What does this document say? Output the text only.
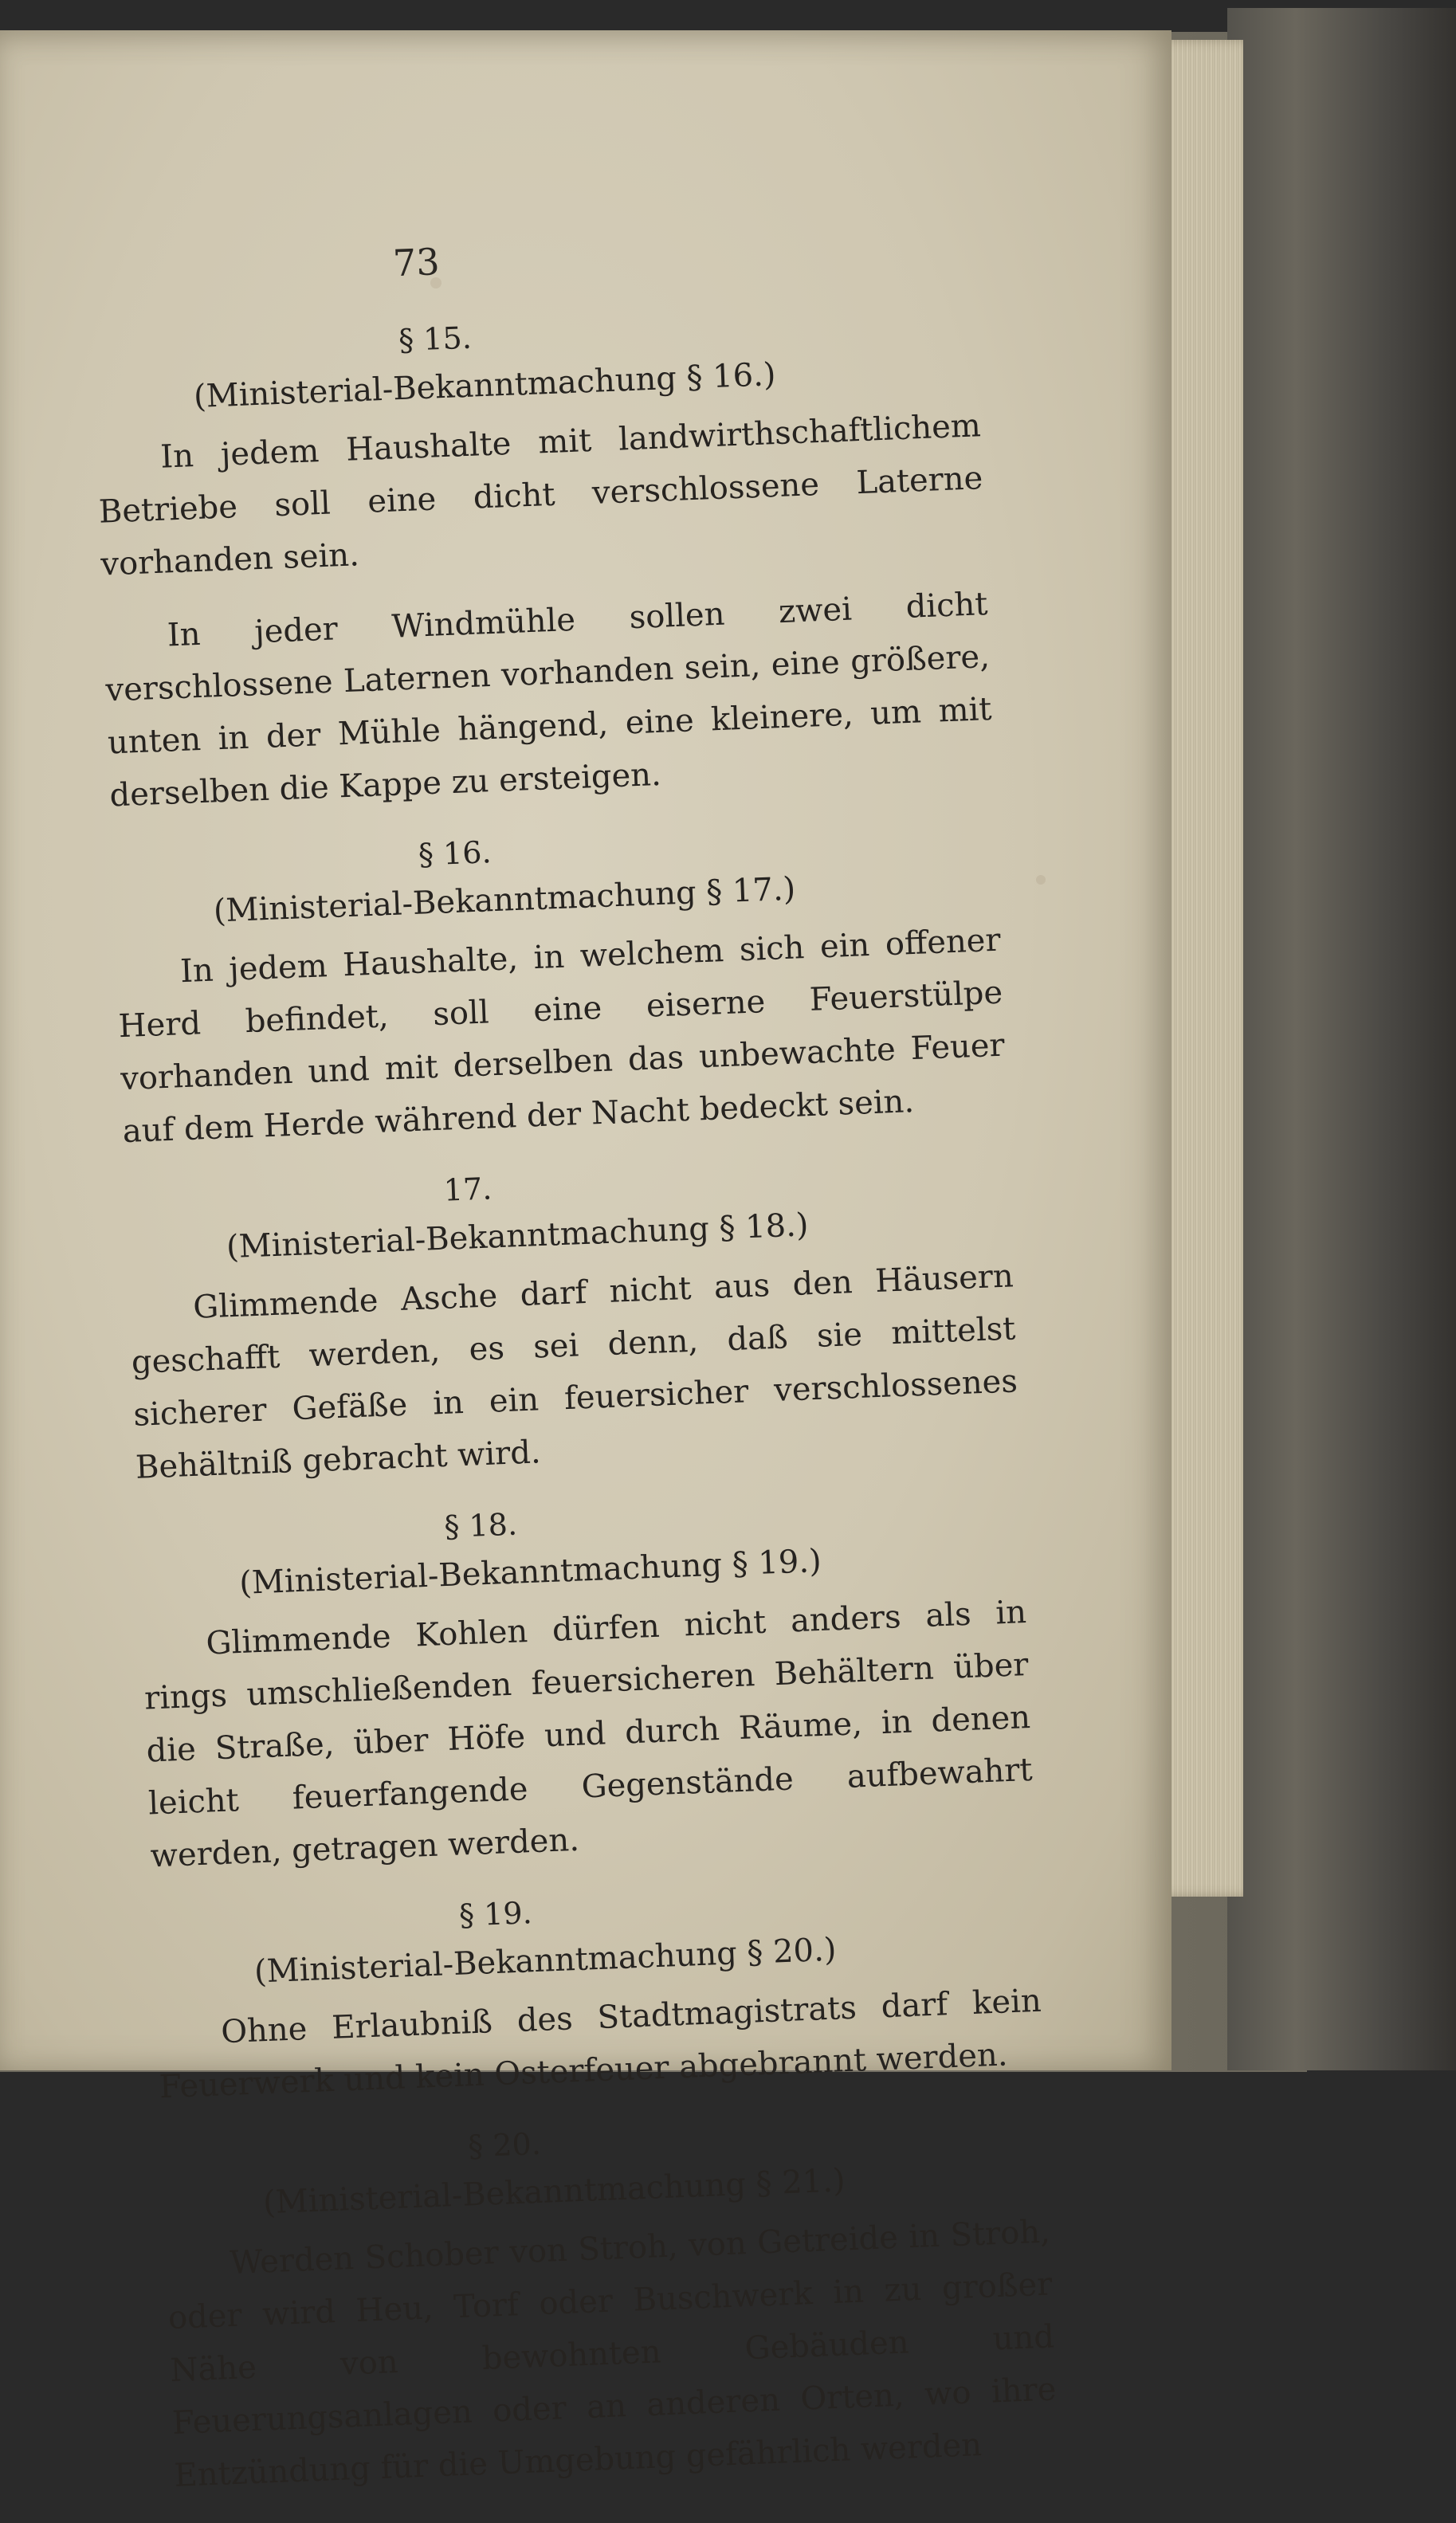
73
§ 15.
(Ministerial-Bekanntmachung § 16.)

In jedem Haushalte mit landwirthschaftlichem Betriebe soll eine dicht verschlossene Laterne vorhanden sein.

In jeder Windmühle sollen zwei dicht verschlossene Laternen vorhanden sein, eine größere, unten in der Mühle hängend, eine kleinere, um mit derselben die Kappe zu ersteigen.

§ 16.
(Ministerial-Bekanntmachung § 17.)

In jedem Haushalte, in welchem sich ein offener Herd befindet, soll eine eiserne Feuerstülpe vorhanden und mit derselben das unbewachte Feuer auf dem Herde während der Nacht bedeckt sein.

17.
(Ministerial-Bekanntmachung § 18.)

Glimmende Asche darf nicht aus den Häusern geschafft werden, es sei denn, daß sie mittelst sicherer Gefäße in ein feuersicher verschlossenes Behältniß gebracht wird.

§ 18.
(Ministerial-Bekanntmachung § 19.)

Glimmende Kohlen dürfen nicht anders als in rings umschließenden feuersicheren Behältern über die Straße, über Höfe und durch Räume, in denen leicht feuerfangende Gegenstände aufbewahrt werden, getragen werden.

§ 19.
(Ministerial-Bekanntmachung § 20.)

Ohne Erlaubniß des Stadtmagistrats darf kein Feuerwerk und kein Osterfeuer abgebrannt werden.

§ 20.
(Ministerial-Bekanntmachung § 21.)

Werden Schober von Stroh, von Getreide in Stroh, oder wird Heu, Torf oder Buschwerk in zu großer Nähe von bewohnten Gebäuden und Feuerungsanlagen oder an anderen Orten, wo ihre Entzündung für die Umgebung gefährlich werden
